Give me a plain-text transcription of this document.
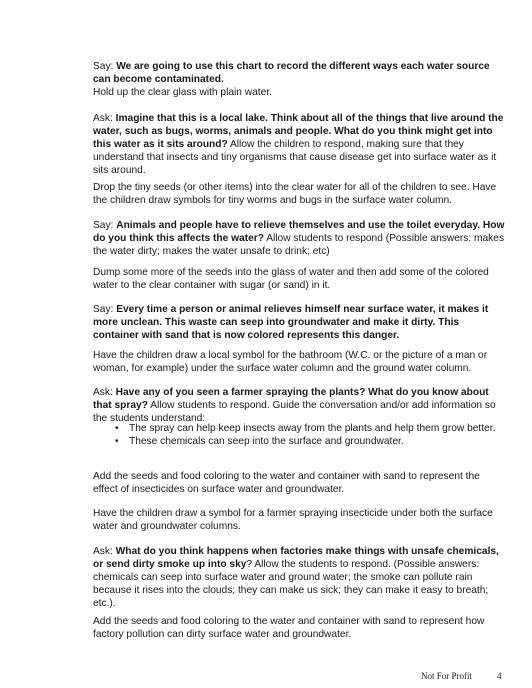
Say: We are going to use this chart to record the different ways each water source can become contaminated.
Hold up the clear glass with plain water.

Ask: Imagine that this is a local lake. Think about all of the things that live around the water, such as bugs, worms, animals and people. What do you think might get into this water as it sits around? Allow the children to respond, making sure that they understand that insects and tiny organisms that cause disease get into surface water as it sits around.

Drop the tiny seeds (or other items) into the clear water for all of the children to see. Have the children draw symbols for tiny worms and bugs in the surface water column.

Say: Animals and people have to relieve themselves and use the toilet everyday. How do you think this affects the water? Allow students to respond (Possible answers: makes the water dirty; makes the water unsafe to drink; etc)

Dump some more of the seeds into the glass of water and then add some of the colored water to the clear container with sugar (or sand) in it.

Say: Every time a person or animal relieves himself near surface water, it makes it more unclean. This waste can seep into groundwater and make it dirty. This container with sand that is now colored represents this danger.

Have the children draw a local symbol for the bathroom (W.C. or the picture of a man or woman, for example) under the surface water column and the ground water column.

Ask: Have any of you seen a farmer spraying the plants? What do you know about that spray? Allow students to respond. Guide the conversation and/or add information so the students understand:

• The spray can help keep insects away from the plants and help them grow better.
• These chemicals can seep into the surface and groundwater.

Add the seeds and food coloring to the water and container with sand to represent the effect of insecticides on surface water and groundwater.

Have the children draw a symbol for a farmer spraying insecticide under both the surface water and groundwater columns.

Ask: What do you think happens when factories make things with unsafe chemicals, or send dirty smoke up into sky? Allow the students to respond. (Possible answers: chemicals can seep into surface water and ground water; the smoke can pollute rain because it rises into the clouds; they can make us sick; they can make it easy to breath; etc.).

Add the seeds and food coloring to the water and container with sand to represent how factory pollution can dirty surface water and groundwater.

Not For Profit	4
